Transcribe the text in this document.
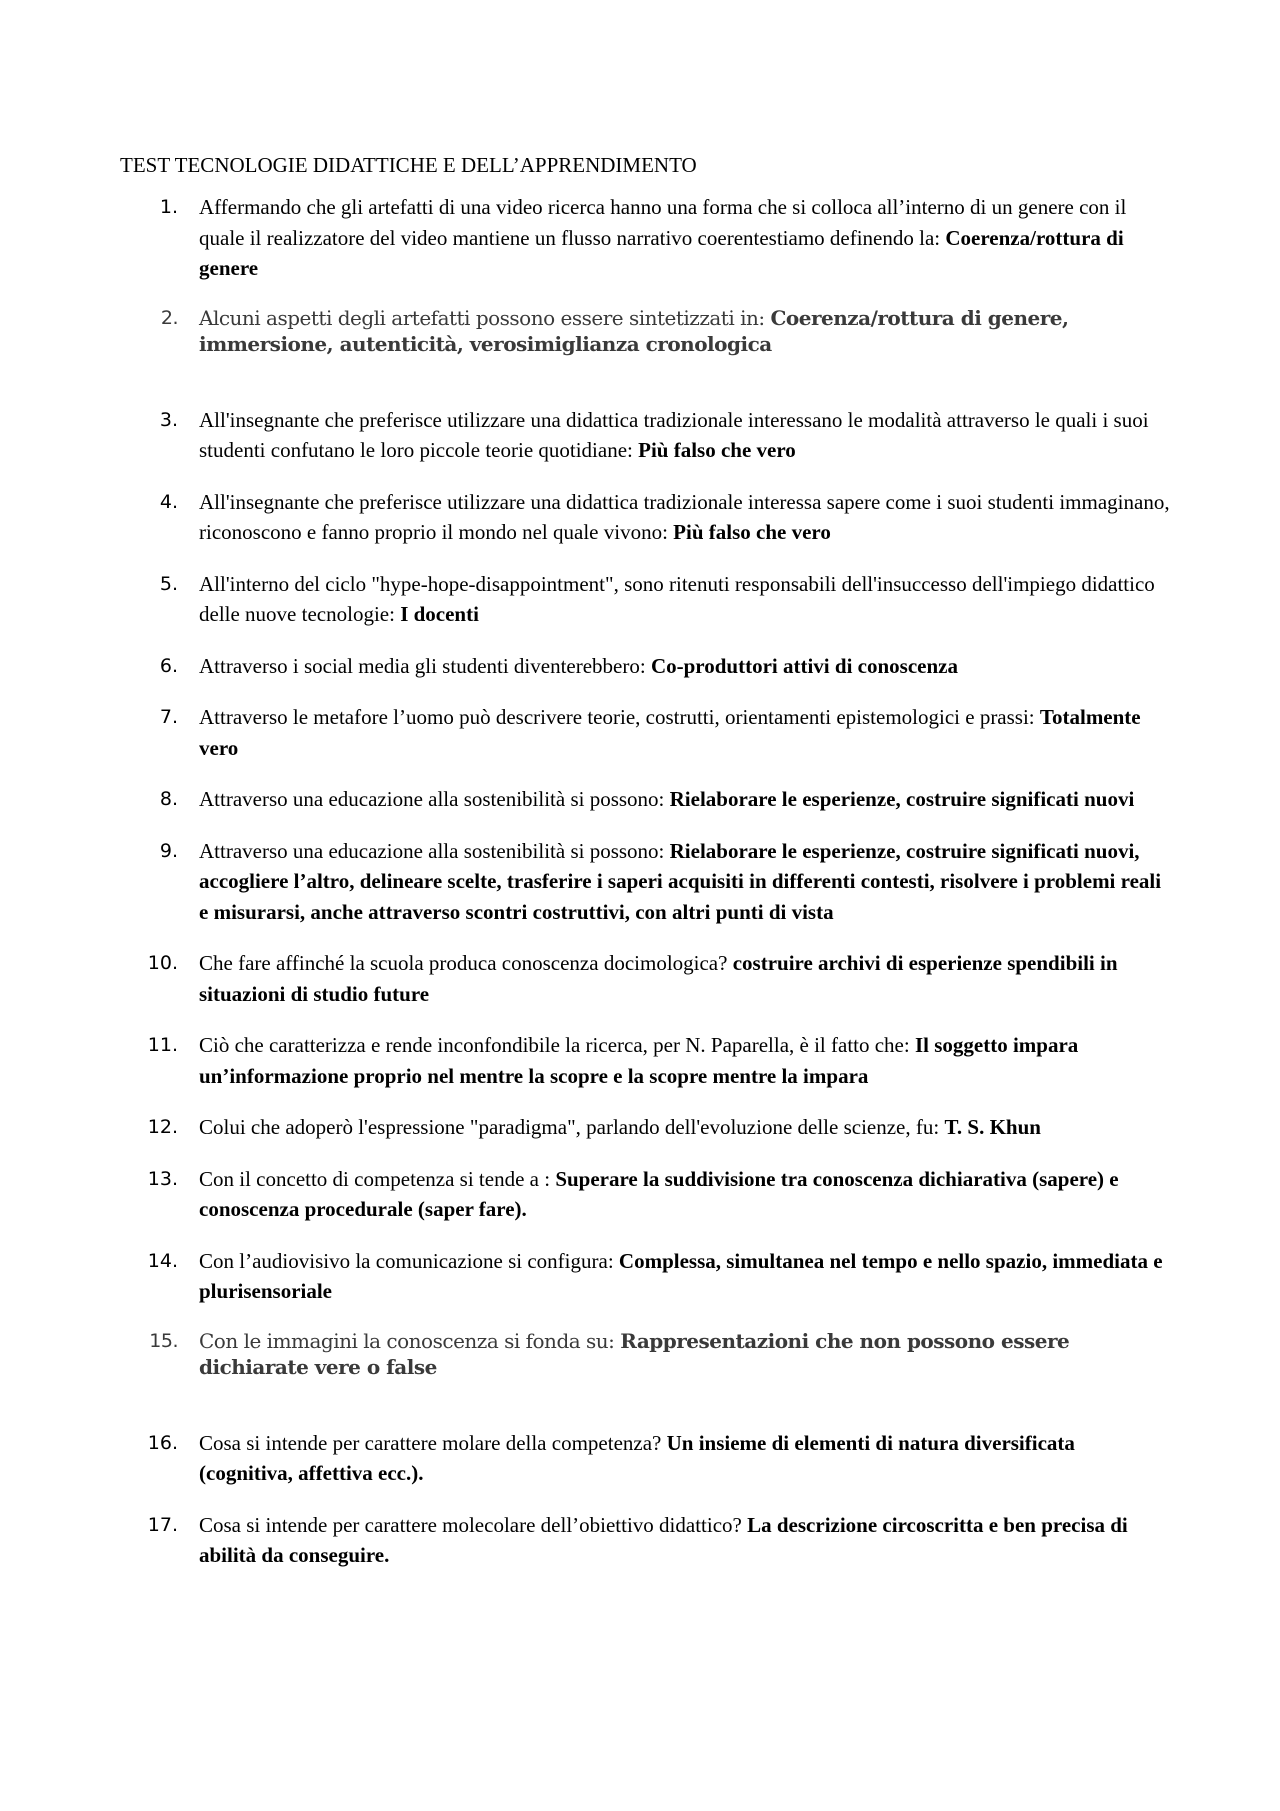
TEST TECNOLOGIE DIDATTICHE E DELL’APPRENDIMENTO
1. Affermando che gli artefatti di una video ricerca hanno una forma che si colloca all’interno di un genere con il quale il realizzatore del video mantiene un flusso narrativo coerentestiamo definendo la: Coerenza/rottura di genere
2. Alcuni aspetti degli artefatti possono essere sintetizzati in: Coerenza/rottura di genere, immersione, autenticità, verosimiglianza cronologica
3. All'insegnante che preferisce utilizzare una didattica tradizionale interessano le modalità attraverso le quali i suoi studenti confutano le loro piccole teorie quotidiane: Più falso che vero
4. All'insegnante che preferisce utilizzare una didattica tradizionale interessa sapere come i suoi studenti immaginano, riconoscono e fanno proprio il mondo nel quale vivono: Più falso che vero
5. All'interno del ciclo "hype-hope-disappointment", sono ritenuti responsabili dell'insuccesso dell'impiego didattico delle nuove tecnologie: I docenti
6. Attraverso i social media gli studenti diventerebbero: Co-produttori attivi di conoscenza
7. Attraverso le metafore l’uomo può descrivere teorie, costrutti, orientamenti epistemologici e prassi: Totalmente vero
8. Attraverso una educazione alla sostenibilità si possono: Rielaborare le esperienze, costruire significati nuovi
9. Attraverso una educazione alla sostenibilità si possono: Rielaborare le esperienze, costruire significati nuovi, accogliere l’altro, delineare scelte, trasferire i saperi acquisiti in differenti contesti, risolvere i problemi reali e misurarsi, anche attraverso scontri costruttivi, con altri punti di vista
10. Che fare affinché la scuola produca conoscenza docimologica? costruire archivi di esperienze spendibili in situazioni di studio future
11. Ciò che caratterizza e rende inconfondibile la ricerca, per N. Paparella, è il fatto che: Il soggetto impara un’informazione proprio nel mentre la scopre e la scopre mentre la impara
12. Colui che adoperò l'espressione "paradigma", parlando dell'evoluzione delle scienze, fu: T. S. Khun
13. Con il concetto di competenza si tende a : Superare la suddivisione tra conoscenza dichiarativa (sapere) e conoscenza procedurale (saper fare).
14. Con l’audiovisivo la comunicazione si configura: Complessa, simultanea nel tempo e nello spazio, immediata e plurisensoriale
15. Con le immagini la conoscenza si fonda su: Rappresentazioni che non possono essere dichiarate vere o false
16. Cosa si intende per carattere molare della competenza? Un insieme di elementi di natura diversificata (cognitiva, affettiva ecc.).
17. Cosa si intende per carattere molecolare dell’obiettivo didattico? La descrizione circoscritta e ben precisa di abilità da conseguire.
